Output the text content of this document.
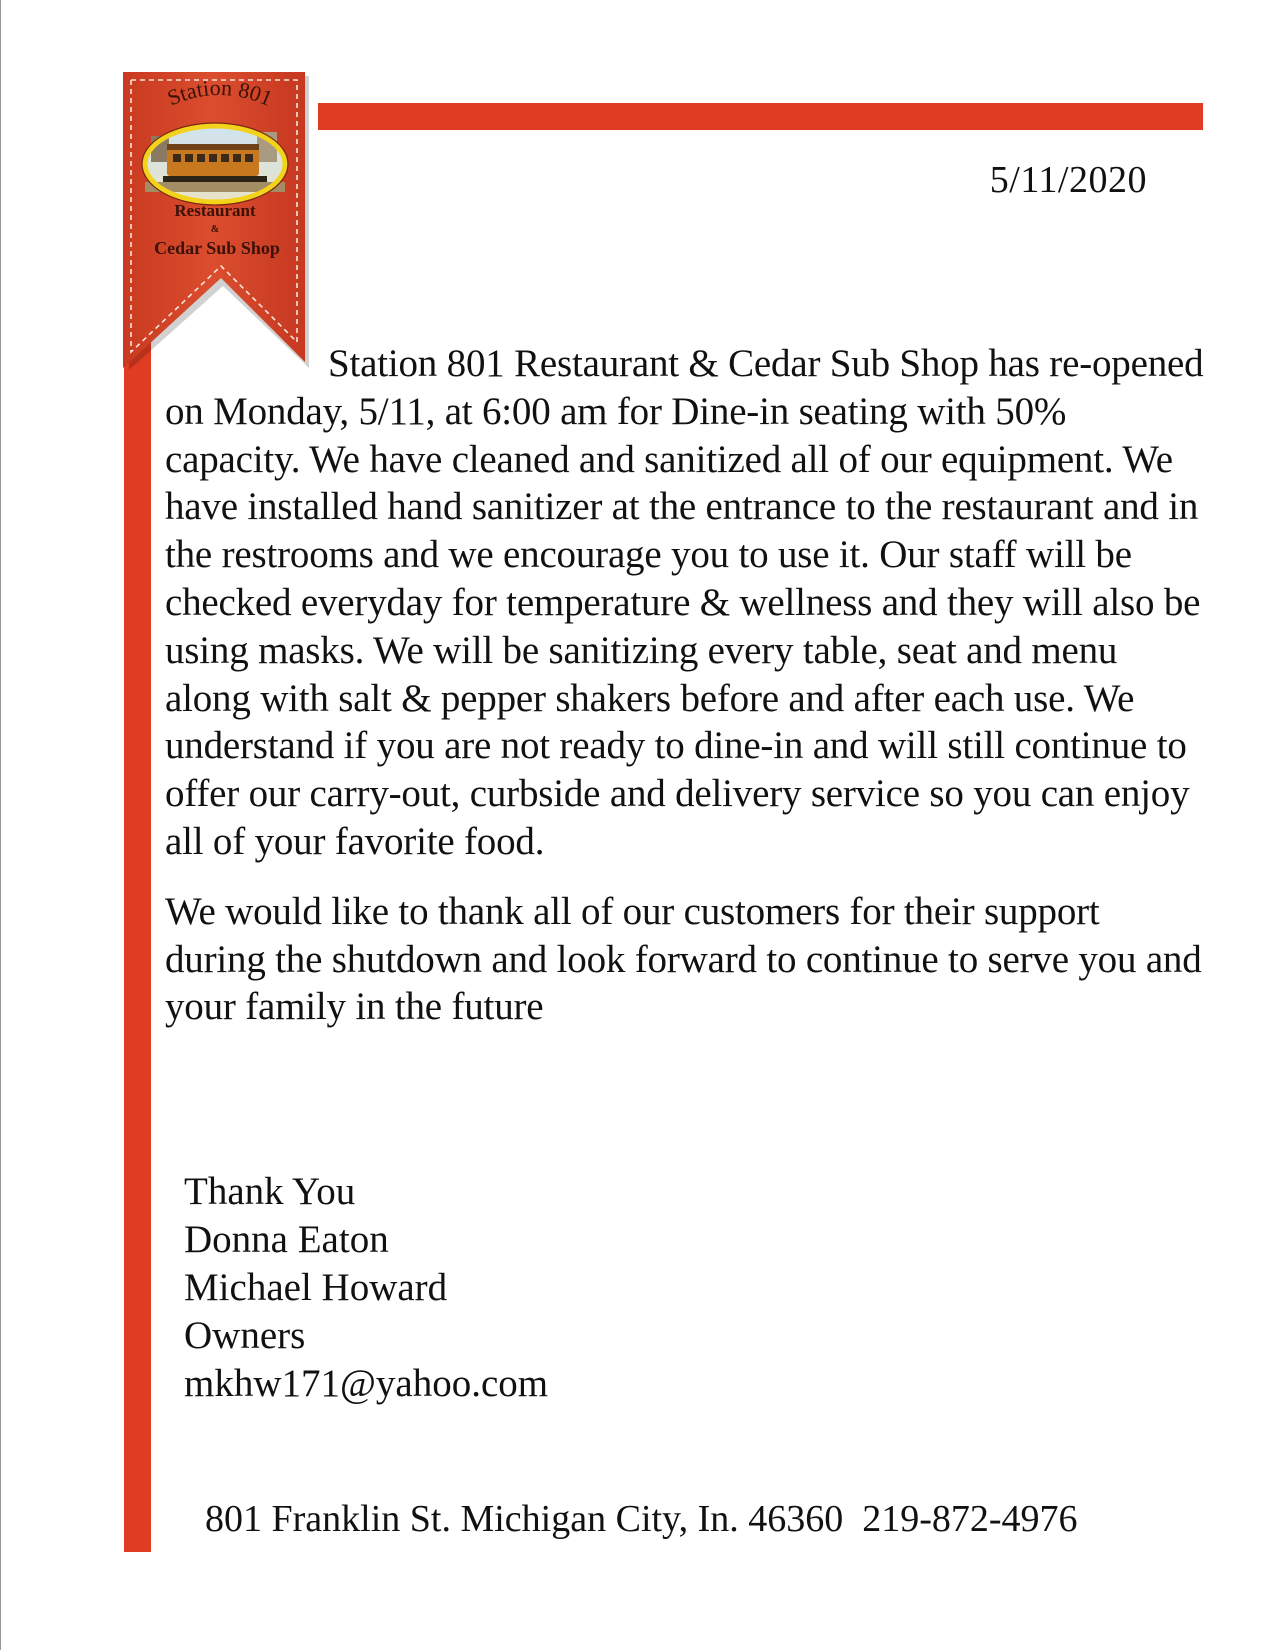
Station 801
Restaurant
&
Cedar Sub Shop
5/11/2020

Station 801 Restaurant & Cedar Sub Shop has re-opened on Monday, 5/11, at 6:00 am for Dine-in seating with 50% capacity. We have cleaned and sanitized all of our equipment. We have installed hand sanitizer at the entrance to the restaurant and in the restrooms and we encourage you to use it. Our staff will be checked everyday for temperature & wellness and they will also be using masks. We will be sanitizing every table, seat and menu along with salt & pepper shakers before and after each use. We understand if you are not ready to dine-in and will still continue to offer our carry-out, curbside and delivery service so you can enjoy all of your favorite food.

We would like to thank all of our customers for their support during the shutdown and look forward to continue to serve you and your family in the future

Thank You
Donna Eaton
Michael Howard
Owners
mkhw171@yahoo.com
801 Franklin St. Michigan City, In. 46360  219-872-4976
